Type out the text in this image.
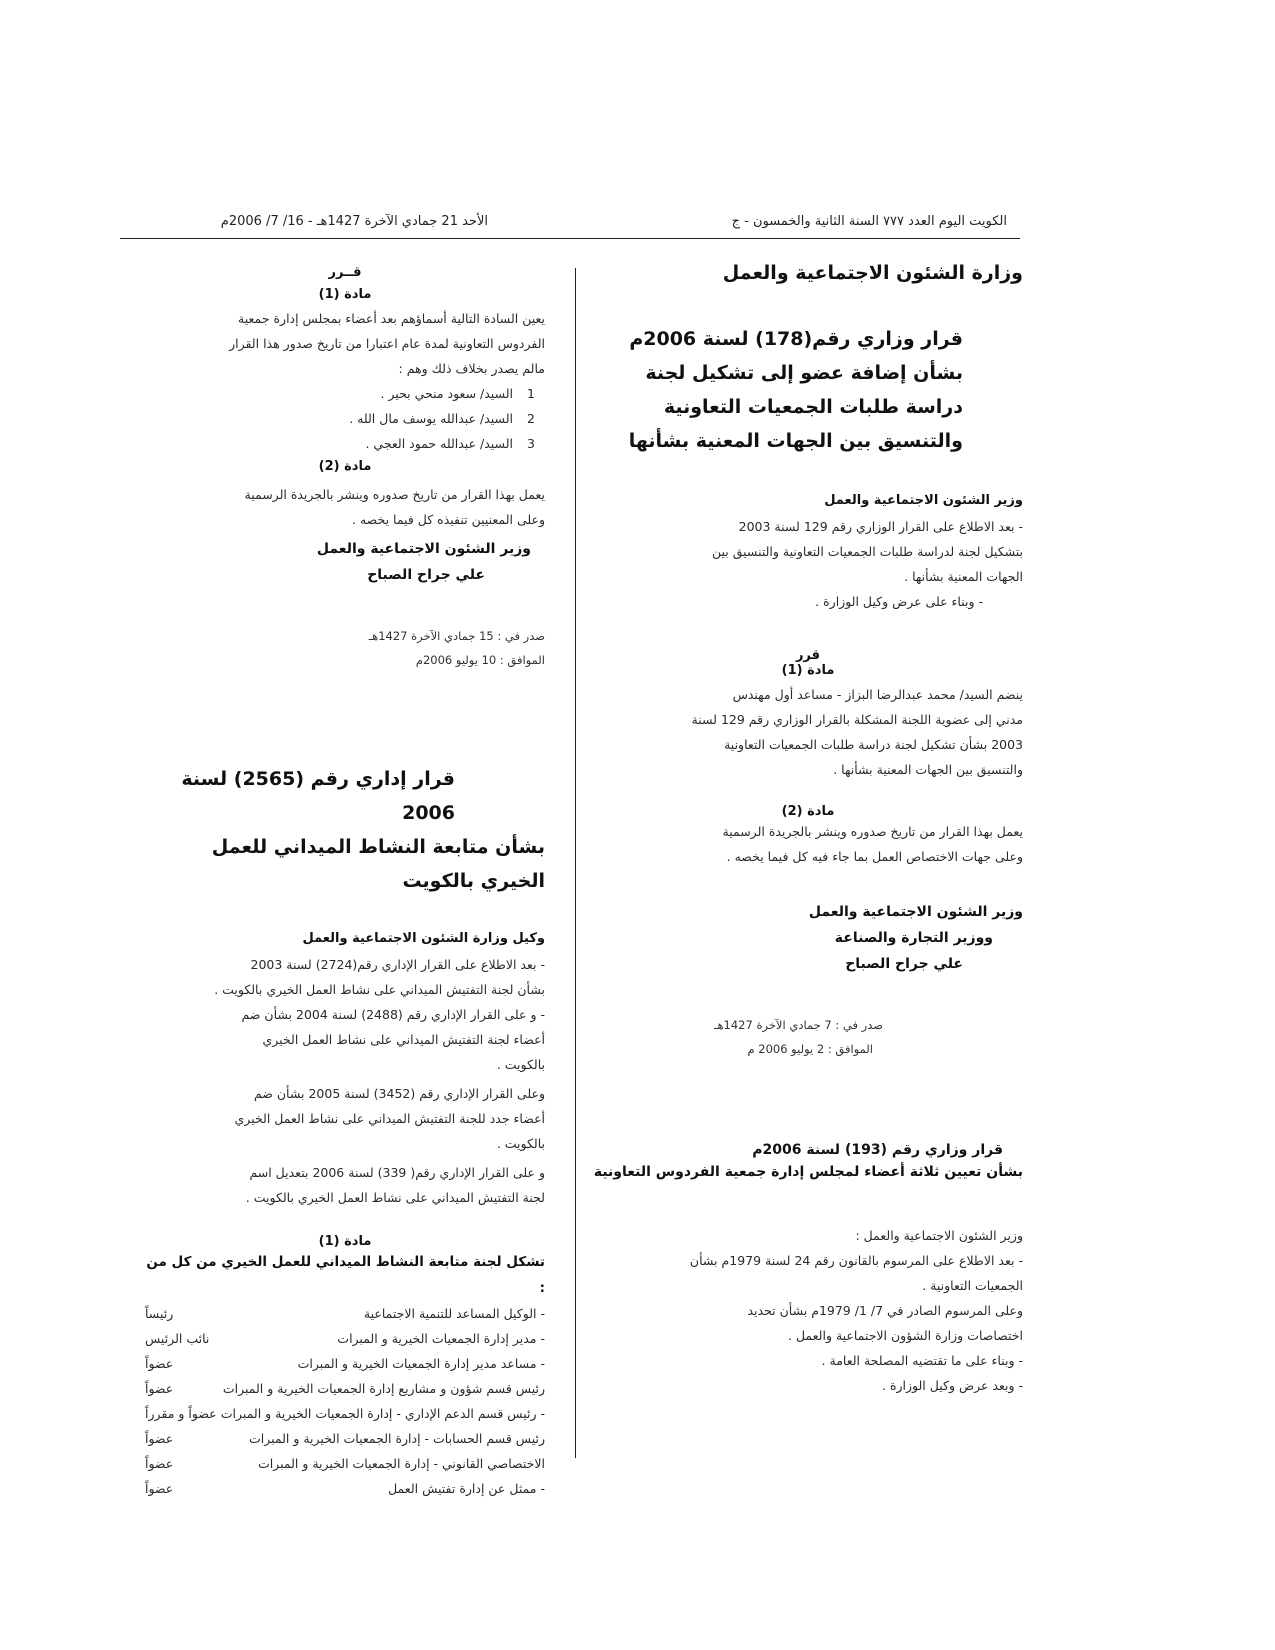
الكويت اليوم العدد ٧٧٧ السنة الثانية والخمسون - ج
الأحد 21 جمادي الآخرة 1427هـ - 16/ 7/ 2006م
وزارة الشئون الاجتماعية والعمل
قرار وزاري رقم(178) لسنة 2006م
بشأن إضافة عضو إلى تشكيل لجنة
دراسة طلبات الجمعيات التعاونية
والتنسيق بين الجهات المعنية بشأنها
وزير الشئون الاجتماعية والعمل
- بعد الاطلاع على القرار الوزاري رقم 129 لسنة 2003
بتشكيل لجنة لدراسة طلبات الجمعيات التعاونية والتنسيق بين
الجهات المعنية بشأنها .
- وبناء على عرض وكيل الوزارة .
قرر
مادة (1)
ينضم السيد/ محمد عبدالرضا البزاز - مساعد أول مهندس
مدني إلى عضوية اللجنة المشكلة بالقرار الوزاري رقم 129 لسنة
2003 بشأن تشكيل لجنة دراسة طلبات الجمعيات التعاونية
والتنسيق بين الجهات المعنية بشأنها .
مادة (2)
يعمل بهذا القرار من تاريخ صدوره وينشر بالجريدة الرسمية
وعلى جهات الاختصاص العمل بما جاء فيه كل فيما يخصه .
وزير الشئون الاجتماعية والعمل
ووزير التجارة والصناعة
علي جراح الصباح
صدر في : 7 جمادي الآخرة 1427هـ
الموافق : 2 يوليو 2006 م
قرار وزاري رقم (193) لسنة 2006م
بشأن تعيين ثلاثة أعضاء لمجلس إدارة جمعية الفردوس التعاونية
وزير الشئون الاجتماعية والعمل :
- بعد الاطلاع على المرسوم بالقانون رقم 24 لسنة 1979م بشأن
الجمعيات التعاونية .
وعلى المرسوم الصادر في 7/ 1/ 1979م بشأن تحديد
اختصاصات وزارة الشؤون الاجتماعية والعمل .
- وبناء على ما تقتضيه المصلحة العامة .
- وبعد عرض وكيل الوزارة .
قــرر
مادة (1)
يعين السادة التالية أسماؤهم بعد أعضاء بمجلس إدارة جمعية
الفردوس التعاونية لمدة عام اعتبارا من تاريخ صدور هذا القرار
مالم يصدر بخلاف ذلك وهم :
1السيد/ سعود منحي بحير .
2السيد/ عبدالله يوسف مال الله .
3السيد/ عبدالله حمود العجي .
مادة (2)
يعمل بهذا القرار من تاريخ صدوره وينشر بالجريدة الرسمية
وعلى المعنيين تنفيذه كل فيما يخصه .
وزير الشئون الاجتماعية والعمل
علي جراح الصباح
صدر في : 15 جمادي الآخرة 1427هـ
الموافق : 10 يوليو 2006م
قرار إداري رقم (2565) لسنة 2006
بشأن متابعة النشاط الميداني للعمل الخيري بالكويت
وكيل وزارة الشئون الاجتماعية والعمل
- بعد الاطلاع على القرار الإداري رقم(2724) لسنة 2003
بشأن لجنة التفتيش الميداني على نشاط العمل الخيري بالكويت .
- و على القرار الإداري رقم (2488) لسنة 2004 بشأن ضم
أعضاء لجنة التفتيش الميداني على نشاط العمل الخيري
بالكويت .
وعلى القرار الإداري رقم (3452) لسنة 2005 بشأن ضم
أعضاء جدد للجنة التفتيش الميداني على نشاط العمل الخيري
بالكويت .
و على القرار الإداري رقم( 339) لسنة 2006 بتعديل اسم
لجنة التفتيش الميداني على نشاط العمل الخيري بالكويت .
مادة (1)
تشكل لجنة متابعة النشاط الميداني للعمل الخيري من كل من :
- الوكيل المساعد للتنمية الاجتماعية
رئيساً
- مدير إدارة الجمعيات الخيرية و المبرات
نائب الرئيس
- مساعد مدير إدارة الجمعيات الخيرية و المبرات
عضواً
رئيس قسم شؤون و مشاريع إدارة الجمعيات الخيرية و المبرات
عضواً
- رئيس قسم الدعم الإداري - إدارة الجمعيات الخيرية و المبرات
عضواً و مقرراً
رئيس قسم الحسابات - إدارة الجمعيات الخيرية و المبرات
عضواً
الاختصاصي القانوني - إدارة الجمعيات الخيرية و المبرات
عضواً
- ممثل عن إدارة تفتيش العمل
عضواً
